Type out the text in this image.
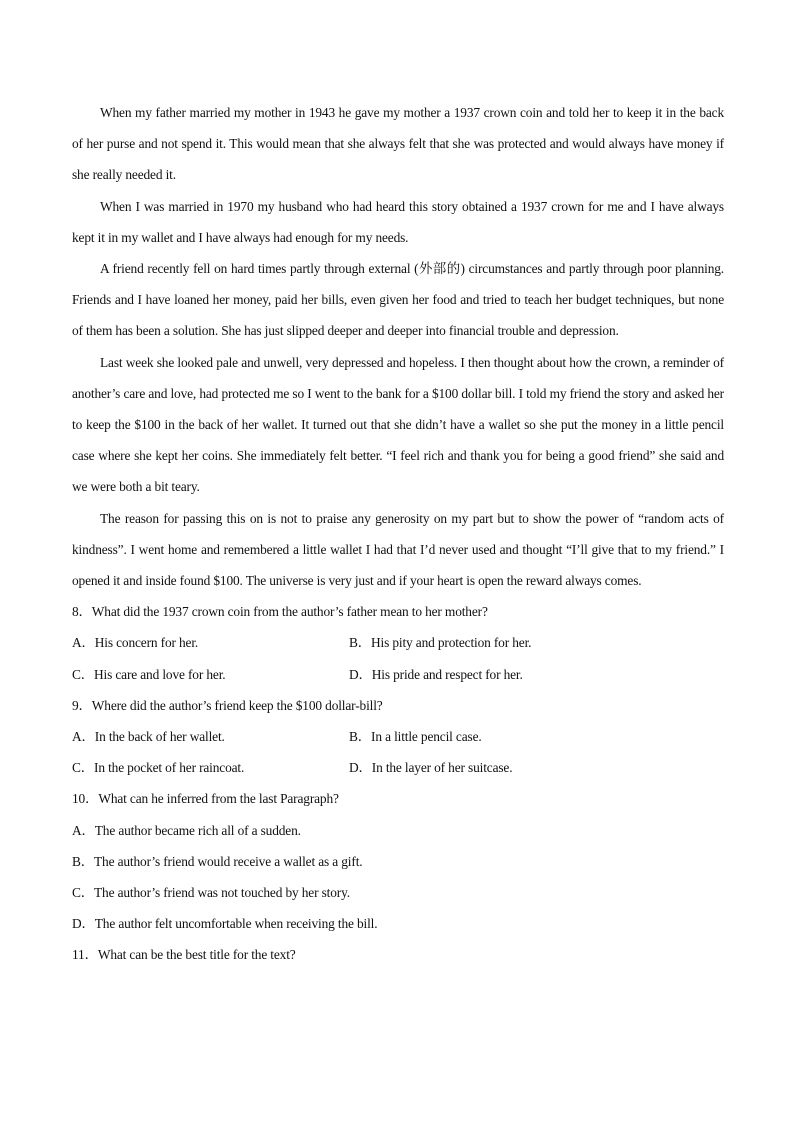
When my father married my mother in 1943 he gave my mother a 1937 crown coin and told her to keep it in the back of her purse and not spend it. This would mean that she always felt that she was protected and would always have money if she really needed it.

When I was married in 1970 my husband who had heard this story obtained a 1937 crown for me and I have always kept it in my wallet and I have always had enough for my needs.

A friend recently fell on hard times partly through external (外部的) circumstances and partly through poor planning. Friends and I have loaned her money, paid her bills, even given her food and tried to teach her budget techniques, but none of them has been a solution. She has just slipped deeper and deeper into financial trouble and depression.

Last week she looked pale and unwell, very depressed and hopeless. I then thought about how the crown, a reminder of another’s care and love, had protected me so I went to the bank for a $100 dollar bill. I told my friend the story and asked her to keep the $100 in the back of her wallet. It turned out that she didn’t have a wallet so she put the money in a little pencil case where she kept her coins. She immediately felt better. “I feel rich and thank you for being a good friend” she said and we were both a bit teary.

The reason for passing this on is not to praise any generosity on my part but to show the power of “random acts of kindness”. I went home and remembered a little wallet I had that I’d never used and thought “I’ll give that to my friend.” I opened it and inside found $100. The universe is very just and if your heart is open the reward always comes.

8．What did the 1937 crown coin from the author’s father mean to her mother?

A．His concern for her.	B．His pity and protection for her.

C．His care and love for her.	D．His pride and respect for her.

9．Where did the author’s friend keep the $100 dollar-bill?

A．In the back of her wallet.	B．In a little pencil case.

C．In the pocket of her raincoat.	D．In the layer of her suitcase.

10．What can he inferred from the last Paragraph?

A．The author became rich all of a sudden.

B．The author’s friend would receive a wallet as a gift.

C．The author’s friend was not touched by her story.

D．The author felt uncomfortable when receiving the bill.

11．What can be the best title for the text?
